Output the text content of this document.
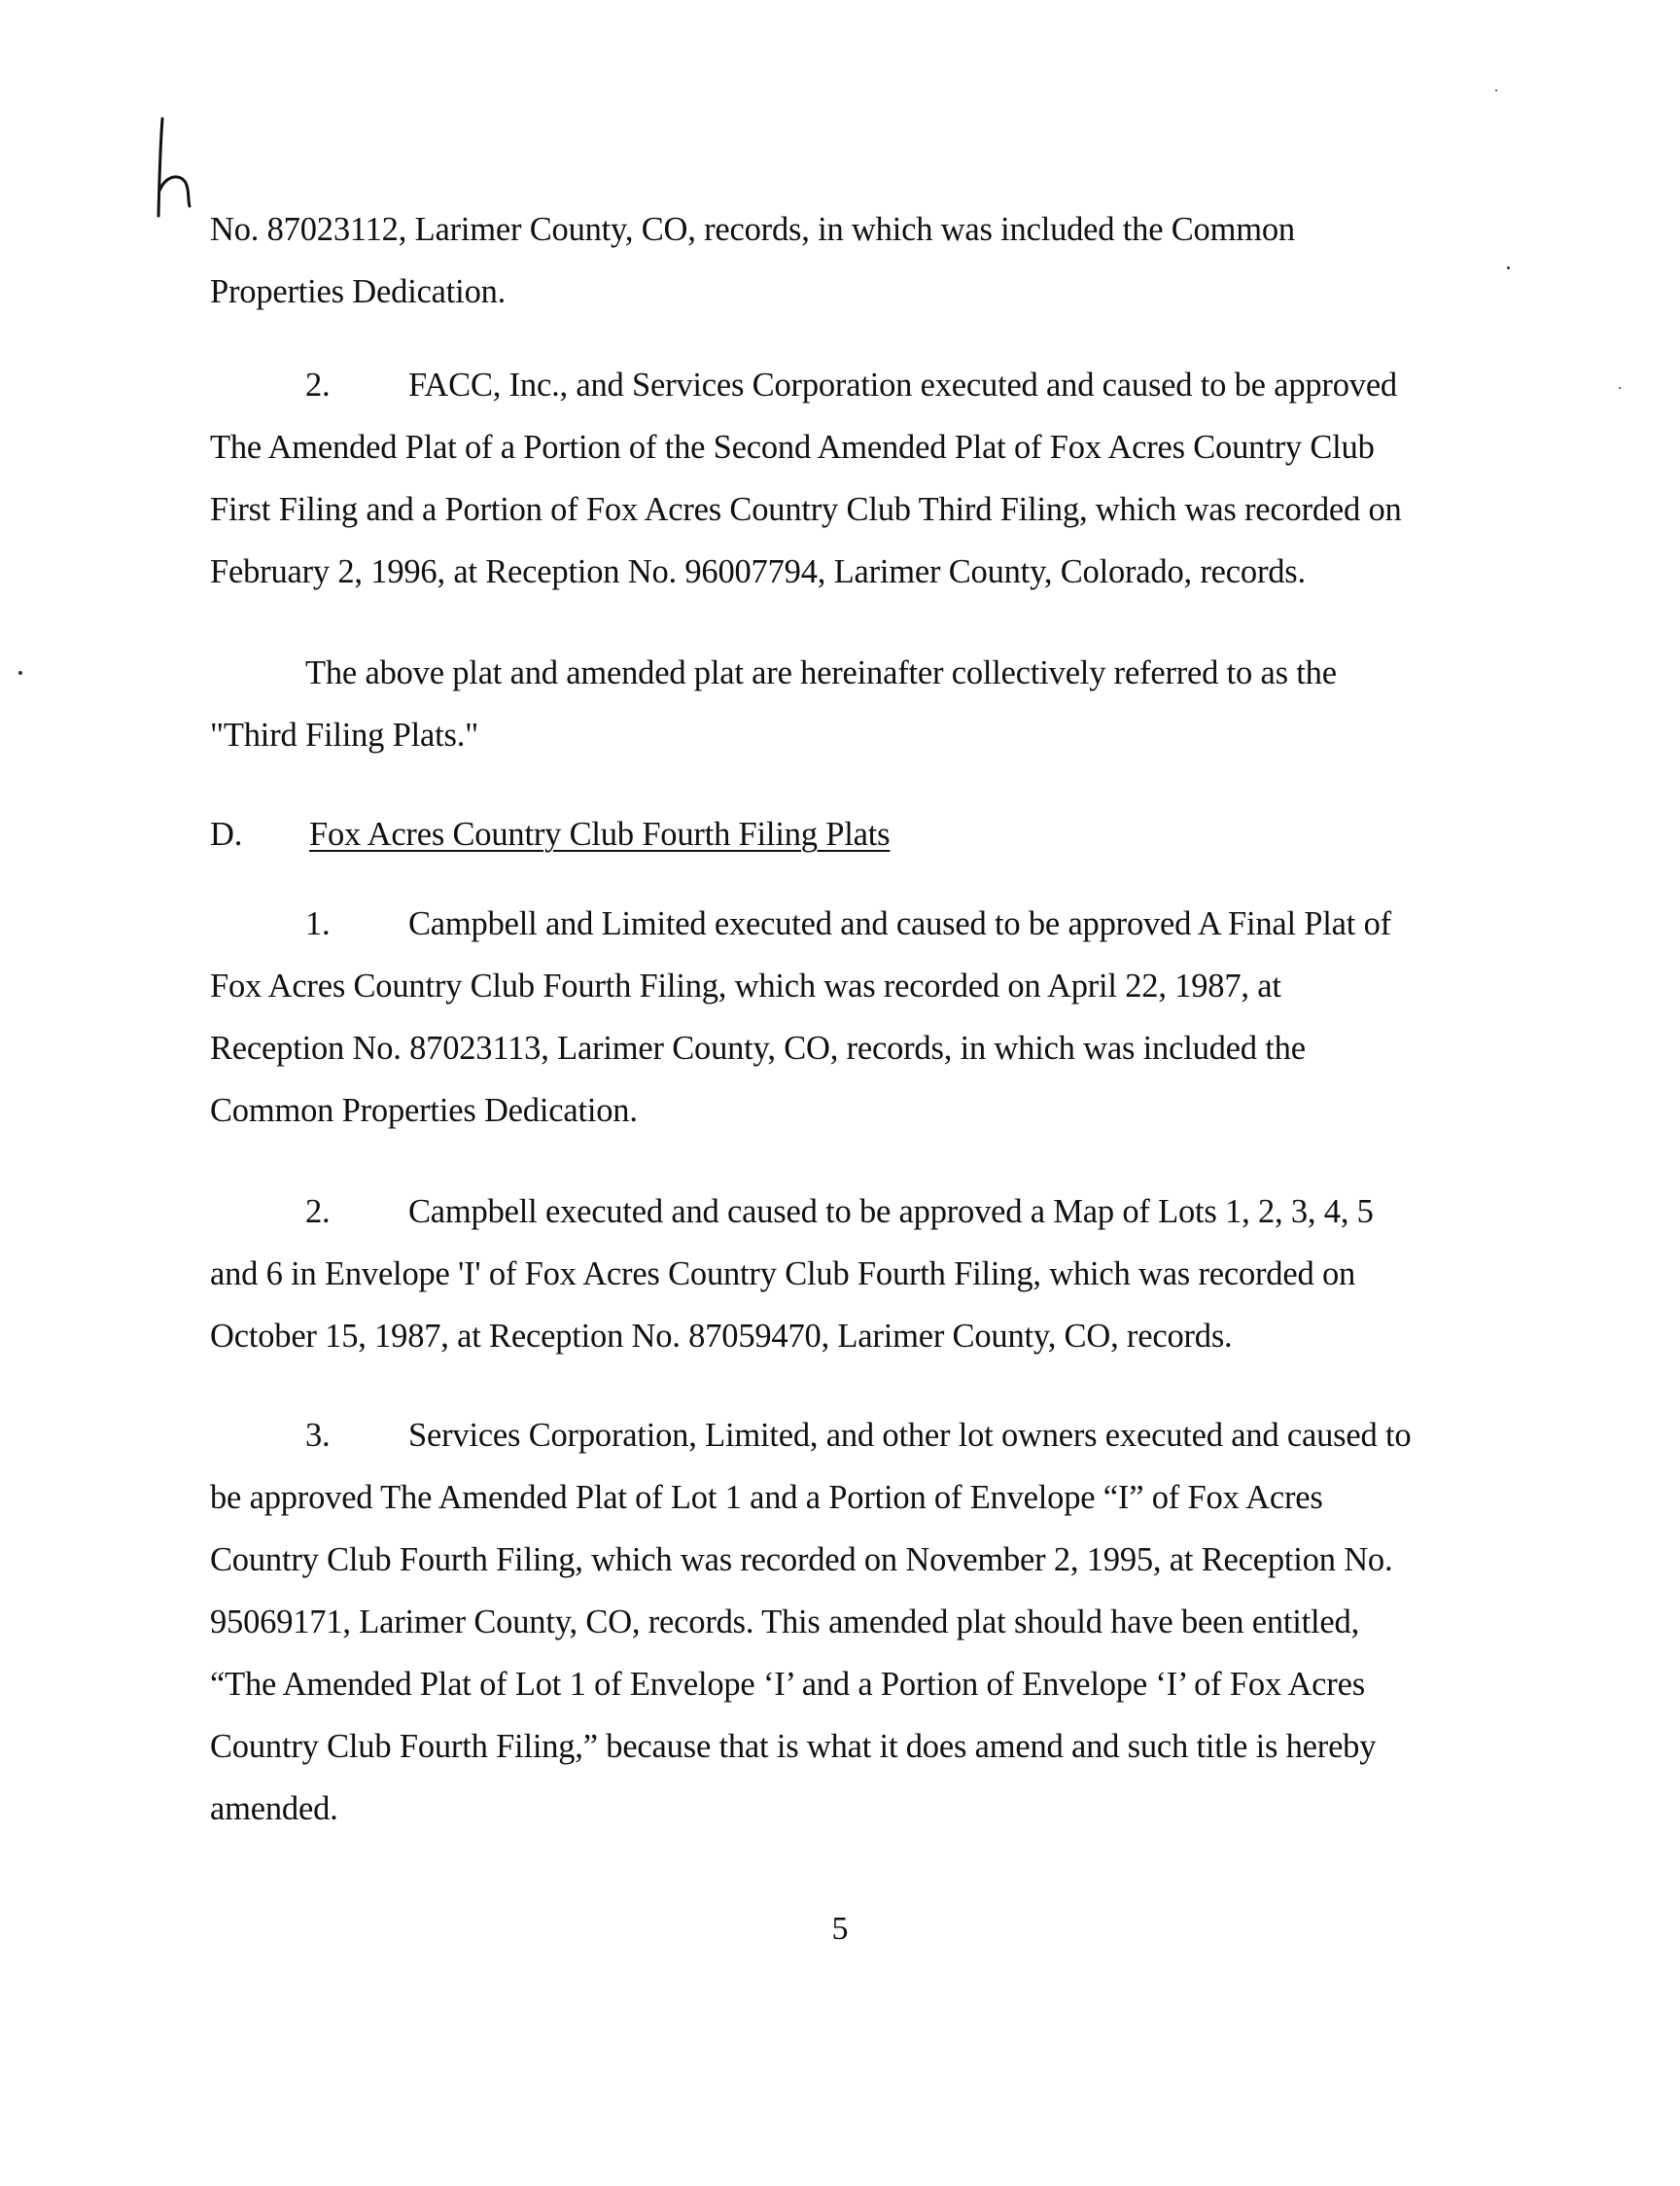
No. 87023112, Larimer County, CO, records, in which was included the Common
Properties Dedication.
2. FACC, Inc., and Services Corporation executed and caused to be approved
The Amended Plat of a Portion of the Second Amended Plat of Fox Acres Country Club
First Filing and a Portion of Fox Acres Country Club Third Filing, which was recorded on
February 2, 1996, at Reception No. 96007794, Larimer County, Colorado, records.
The above plat and amended plat are hereinafter collectively referred to as the
"Third Filing Plats."
D. Fox Acres Country Club Fourth Filing Plats
1. Campbell and Limited executed and caused to be approved A Final Plat of
Fox Acres Country Club Fourth Filing, which was recorded on April 22, 1987, at
Reception No. 87023113, Larimer County, CO, records, in which was included the
Common Properties Dedication.
2. Campbell executed and caused to be approved a Map of Lots 1, 2, 3, 4, 5
and 6 in Envelope 'I' of Fox Acres Country Club Fourth Filing, which was recorded on
October 15, 1987, at Reception No. 87059470, Larimer County, CO, records.
3. Services Corporation, Limited, and other lot owners executed and caused to
be approved The Amended Plat of Lot 1 and a Portion of Envelope “I” of Fox Acres
Country Club Fourth Filing, which was recorded on November 2, 1995, at Reception No.
95069171, Larimer County, CO, records. This amended plat should have been entitled,
“The Amended Plat of Lot 1 of Envelope ‘I’ and a Portion of Envelope ‘I’ of Fox Acres
Country Club Fourth Filing,” because that is what it does amend and such title is hereby
amended.
5
